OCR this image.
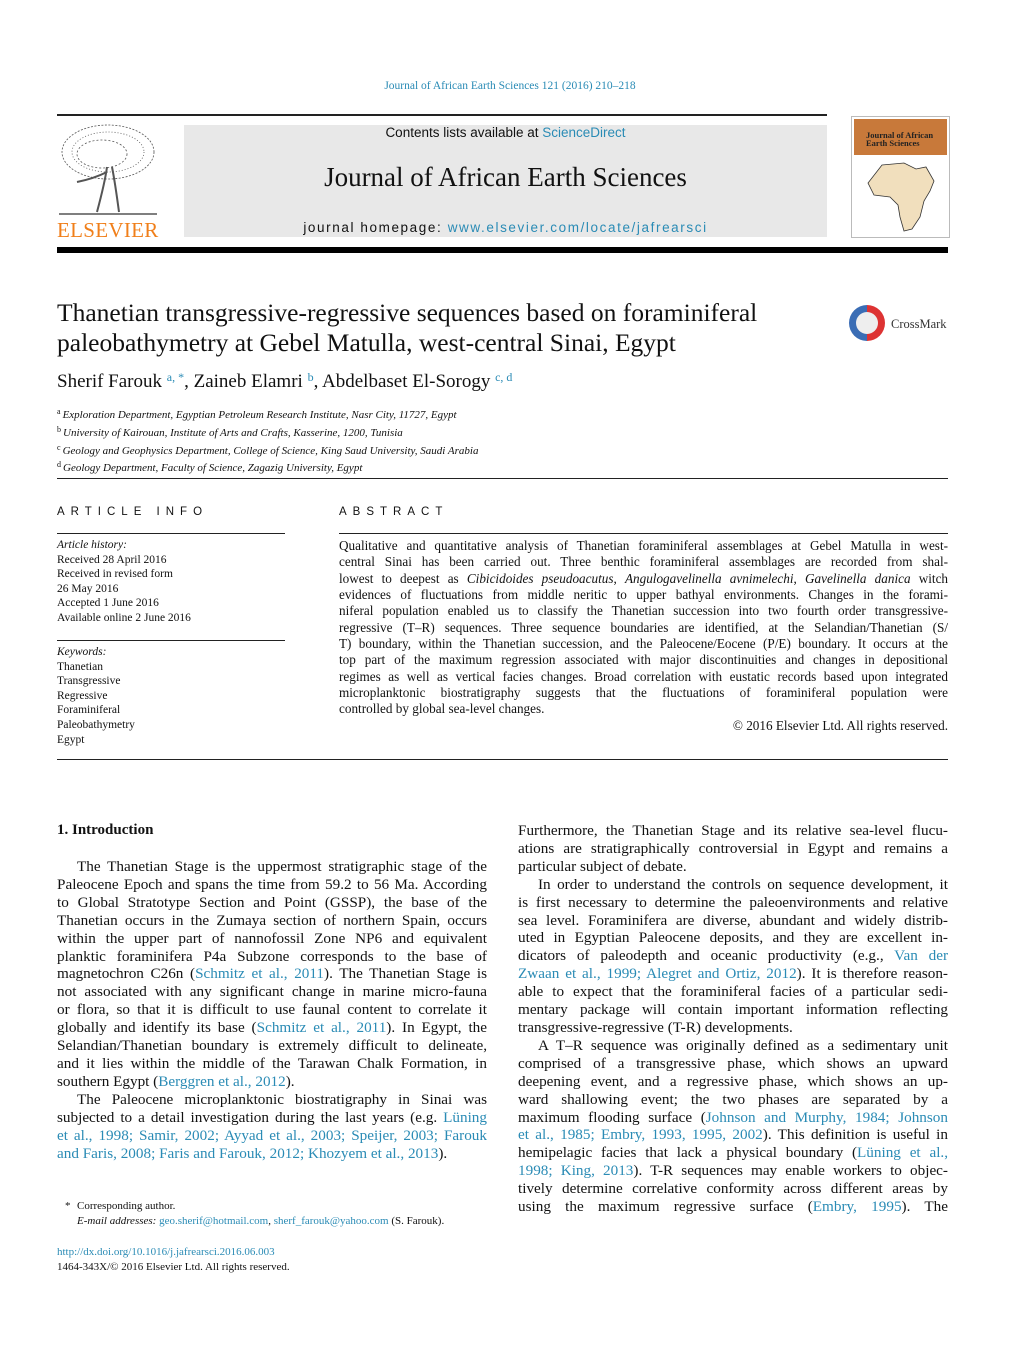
Journal of African Earth Sciences 121 (2016) 210–218
ELSEVIER
Contents lists available at ScienceDirect
Journal of African Earth Sciences
journal homepage: www.elsevier.com/locate/jafrearsci
Journal of African Earth Sciences
Thanetian transgressive-regressive sequences based on foraminiferal
paleobathymetry at Gebel Matulla, west-central Sinai, Egypt
CrossMark
Sherif Farouk $^{a, *}$, Zaineb Elamri $^b$, Abdelbaset El-Sorogy $^{c, d}$
$^a$ Exploration Department, Egyptian Petroleum Research Institute, Nasr City, 11727, Egypt
$^b$ University of Kairouan, Institute of Arts and Crafts, Kasserine, 1200, Tunisia
$^c$ Geology and Geophysics Department, College of Science, King Saud University, Saudi Arabia
$^d$ Geology Department, Faculty of Science, Zagazig University, Egypt
ARTICLE INFO	ABSTRACT
Article history:
Received 28 April 2016
Received in revised form
26 May 2016
Accepted 1 June 2016
Available online 2 June 2016
Keywords:
Thanetian
Transgressive
Regressive
Foraminiferal
Paleobathymetry
Egypt
Qualitative and quantitative analysis of Thanetian foraminiferal assemblages at Gebel Matulla in west-
central Sinai has been carried out. Three benthic foraminiferal assemblages are recorded from shal-
lowest to deepest as Cibicidoides pseudoacutus, Angulogavelinella avnimelechi, Gavelinella danica witch
evidences of fluctuations from middle neritic to upper bathyal environments. Changes in the forami-
niferal population enabled us to classify the Thanetian succession into two fourth order transgressive-
regressive (T–R) sequences. Three sequence boundaries are identified, at the Selandian/Thanetian (S/
T) boundary, within the Thanetian succession, and the Paleocene/Eocene (P/E) boundary. It occurs at the
top part of the maximum regression associated with major discontinuities and changes in depositional
regimes as well as vertical facies changes. Broad correlation with eustatic records based upon integrated
microplanktonic biostratigraphy suggests that the fluctuations of foraminiferal population were
controlled by global sea-level changes.
© 2016 Elsevier Ltd. All rights reserved.
1. Introduction
The Thanetian Stage is the uppermost stratigraphic stage of the
Paleocene Epoch and spans the time from 59.2 to 56 Ma. According
to Global Stratotype Section and Point (GSSP), the base of the
Thanetian occurs in the Zumaya section of northern Spain, occurs
within the upper part of nannofossil Zone NP6 and equivalent
planktic foraminifera P4a Subzone corresponds to the base of
magnetochron C26n (Schmitz et al., 2011). The Thanetian Stage is
not associated with any significant change in marine micro-fauna
or flora, so that it is difficult to use faunal content to correlate it
globally and identify its base (Schmitz et al., 2011). In Egypt, the
Selandian/Thanetian boundary is extremely difficult to delineate,
and it lies within the middle of the Tarawan Chalk Formation, in
southern Egypt (Berggren et al., 2012).
The Paleocene microplanktonic biostratigraphy in Sinai was
subjected to a detail investigation during the last years (e.g. Lüning
et al., 1998; Samir, 2002; Ayyad et al., 2003; Speijer, 2003; Farouk
and Faris, 2008; Faris and Farouk, 2012; Khozyem et al., 2013).
Furthermore, the Thanetian Stage and its relative sea-level flucu-
ations are stratigraphically controversial in Egypt and remains a
particular subject of debate.
In order to understand the controls on sequence development, it
is first necessary to determine the paleoenvironments and relative
sea level. Foraminifera are diverse, abundant and widely distrib-
uted in Egyptian Paleocene deposits, and they are excellent in-
dicators of paleodepth and oceanic productivity (e.g., Van der
Zwaan et al., 1999; Alegret and Ortiz, 2012). It is therefore reason-
able to expect that the foraminiferal facies of a particular sedi-
mentary package will contain important information reflecting
transgressive-regressive (T-R) developments.
A T–R sequence was originally defined as a sedimentary unit
comprised of a transgressive phase, which shows an upward
deepening event, and a regressive phase, which shows an up-
ward shallowing event; the two phases are separated by a
maximum flooding surface (Johnson and Murphy, 1984; Johnson
et al., 1985; Embry, 1993, 1995, 2002). This definition is useful in
hemipelagic facies that lack a physical boundary (Lüning et al.,
1998; King, 2013). T-R sequences may enable workers to objec-
tively determine correlative conformity across different areas by
using the maximum regressive surface (Embry, 1995). The
* Corresponding author.
E-mail addresses: geo.sherif@hotmail.com, sherf_farouk@yahoo.com (S. Farouk).
http://dx.doi.org/10.1016/j.jafrearsci.2016.06.003
1464-343X/© 2016 Elsevier Ltd. All rights reserved.
